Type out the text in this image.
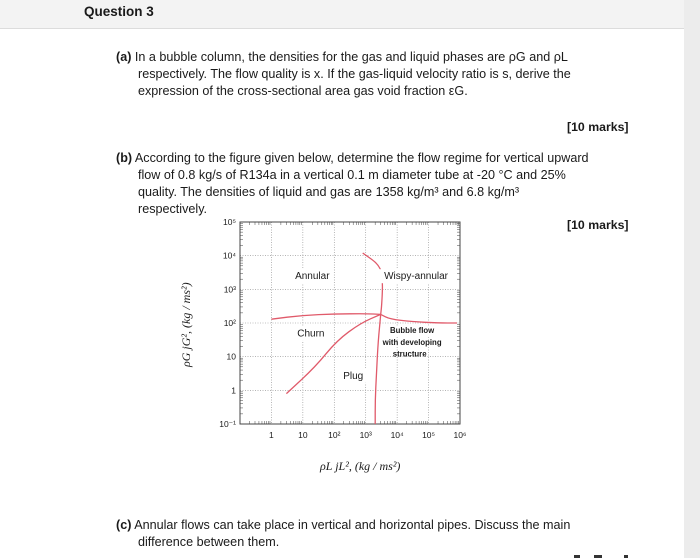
Question 3
(a) In a bubble column, the densities for the gas and liquid phases are ρG and ρL
respectively. The flow quality is x. If the gas-liquid velocity ratio is s, derive the
expression of the cross-sectional area gas void fraction εG.
[10 marks]
(b) According to the figure given below, determine the flow regime for vertical upward
flow of 0.8 kg/s of R134a in a vertical 0.1 m diameter tube at -20 °C and 25%
quality. The densities of liquid and gas are 1358 kg/m³ and 6.8 kg/m³
respectively.
[10 marks]
1	10 10² 10³ 10⁴ 10⁵ 10⁶
10⁻¹
1
10
10²
10³
10⁴
10⁵
Annular	Wispy-annular
Churn	Bubble flow
with developing
structure
Plug
ρG jG², (kg / ms²)
ρL jL², (kg / ms²)
(c) Annular flows can take place in vertical and horizontal pipes. Discuss the main
difference between them.
